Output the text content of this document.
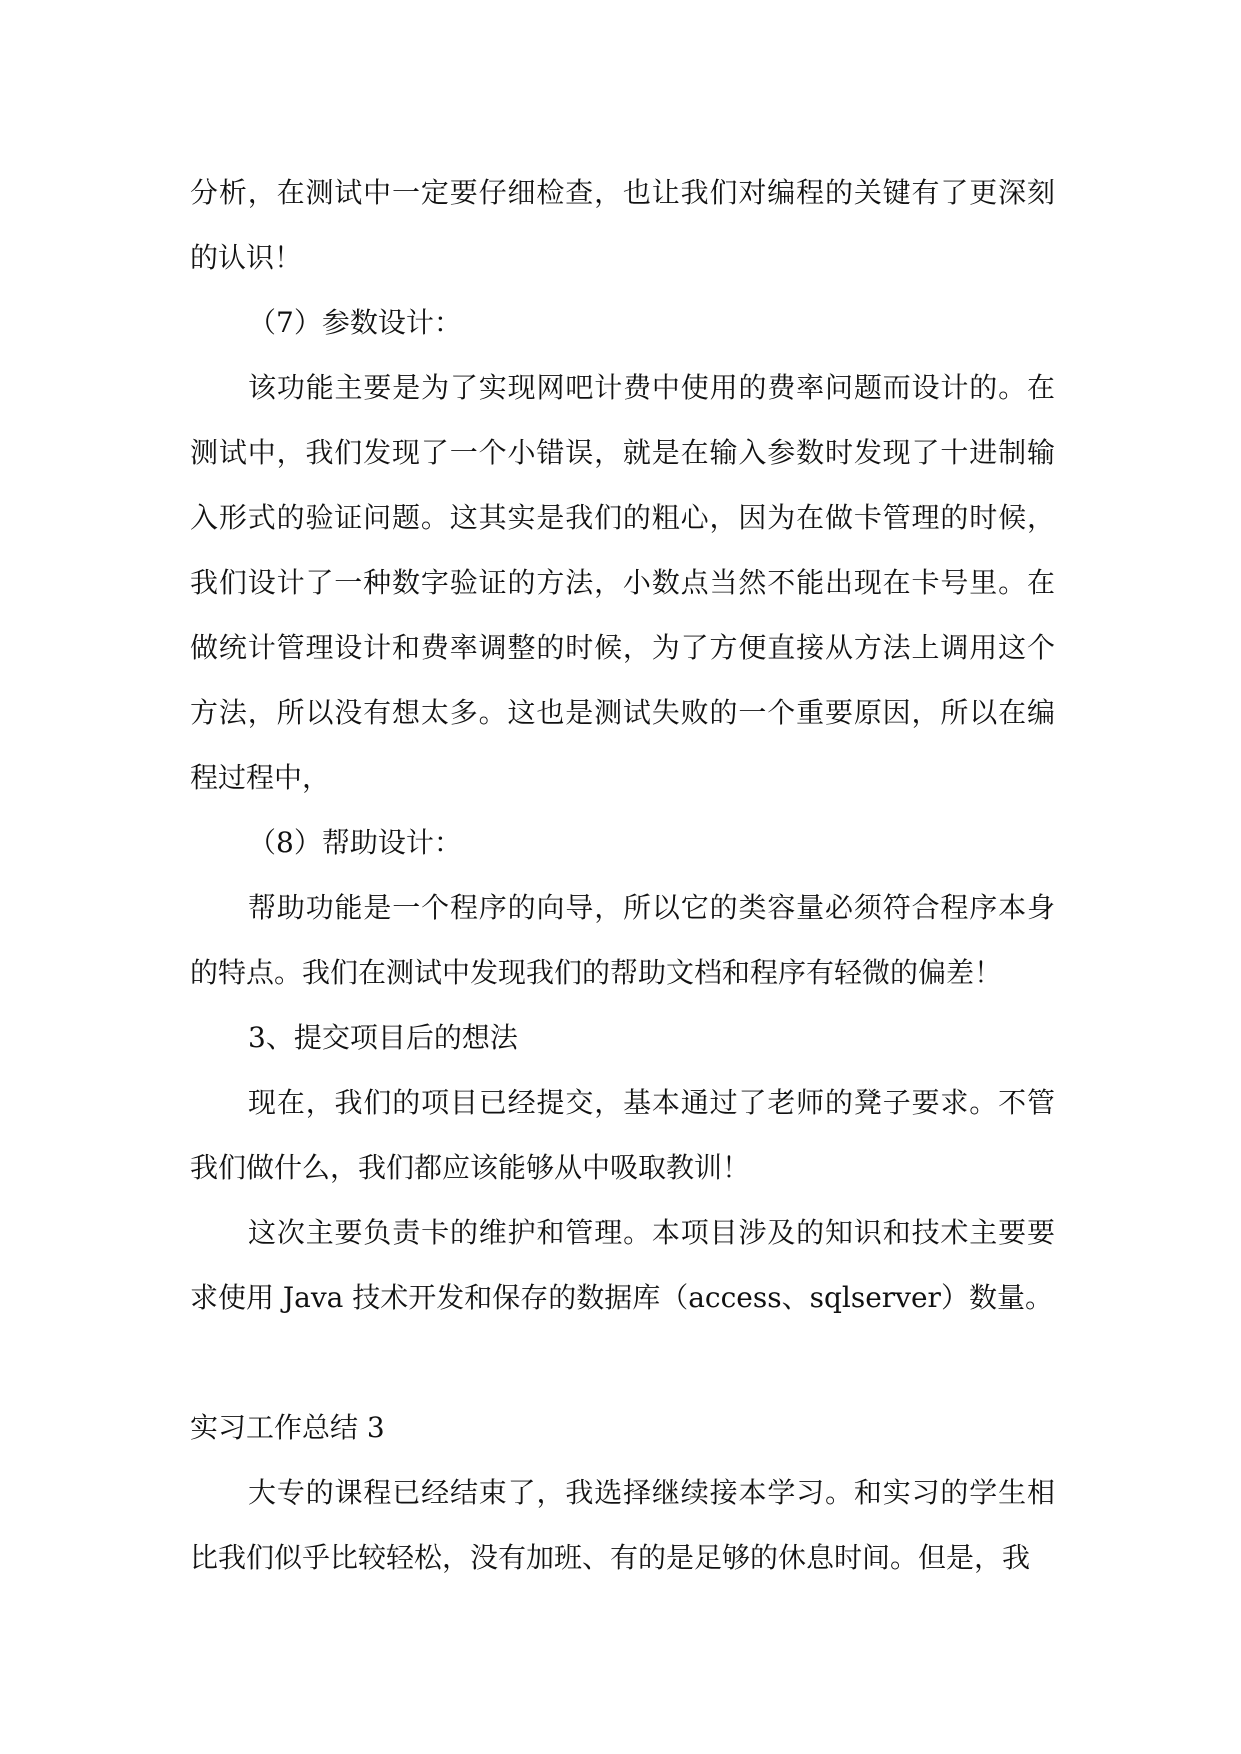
分析，在测试中一定要仔细检查，也让我们对编程的关键有了更深刻的认识！

（7）参数设计：

该功能主要是为了实现网吧计费中使用的费率问题而设计的。在测试中，我们发现了一个小错误，就是在输入参数时发现了十进制输入形式的验证问题。这其实是我们的粗心，因为在做卡管理的时候，我们设计了一种数字验证的方法，小数点当然不能出现在卡号里。在做统计管理设计和费率调整的时候，为了方便直接从方法上调用这个方法，所以没有想太多。这也是测试失败的一个重要原因，所以在编程过程中，

（8）帮助设计：

帮助功能是一个程序的向导，所以它的类容量必须符合程序本身的特点。我们在测试中发现我们的帮助文档和程序有轻微的偏差！

3、提交项目后的想法

现在，我们的项目已经提交，基本通过了老师的凳子要求。不管我们做什么，我们都应该能够从中吸取教训！

这次主要负责卡的维护和管理。本项目涉及的知识和技术主要要求使用 Java 技术开发和保存的数据库（access、sqlserver）数量。

实习工作总结 3

大专的课程已经结束了，我选择继续接本学习。和实习的学生相比我们似乎比较轻松，没有加班、有的是足够的休息时间。但是，我
